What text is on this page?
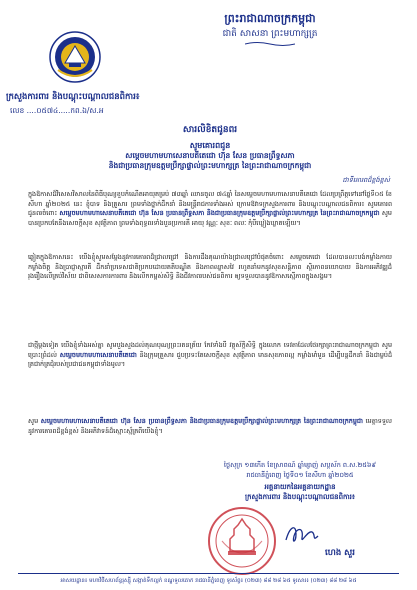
ព្រះរាជាណាចក្រកម្ពុជា
ជាតិ សាសនា ព្រះមហាក្សត្រ
ក្រសួងការពារ និងបណ្ដុះបណ្ដាលជនពិការ៖
លេខ ....០៥៧៤.....កព.ឯ/ស.អ
សារលិខិតជូនពរ
សូមគោរពជូន
សម្តេចមហាមហាសេនាបតីតេជោ ហ៊ុន សែន ប្រធានព្រឹទ្ធសភា
និងជាប្រធានក្រុមឧត្តមប្រឹក្សាផ្ទាល់ព្រះមហាក្សត្រ នៃព្រះរាជាណាចក្រកម្ពុជា
ជាទីគោរពដ៏ខ្ពង់ខ្ពស់
ក្នុងឱកាសដ៏វិសេសវិសាលនៃពិធីបុណ្យខួបកំណើតអាយុគម្រប់ ៧៣ឆ្នាំ ឈានចូល ៧៤ឆ្នាំ នៃសម្តេចមហាមហាសេនាបតីតេជោ ដែលប្រព្រឹត្តទៅនៅថ្ងៃទី០៥ ខែសីហា ឆ្នាំ២០២៥ នេះ ខ្ញុំបាទ និងគ្រួសារ ព្រមទាំងថ្នាក់ដឹកនាំ និងមន្ត្រីរាជការទាំងអស់ ក្រោមឱវាទក្រសួងការពារ និងបណ្ដុះបណ្ដាលជនពិការ៖ សូមគោរពជូនពរចំពោះ សម្តេចមហាមហាសេនាបតីតេជោ ហ៊ុន សែន ប្រធានព្រឹទ្ធសភា និងជាប្រធានក្រុមឧត្តមប្រឹក្សាផ្ទាល់ព្រះមហាក្សត្រ នៃព្រះរាជាណាចក្រកម្ពុជា សូមបានប្រកបតែនឹងសេចក្តីសុខ សុវត្ថិភាព ព្រមទាំងពុទ្ធពរទាំងបួនប្រការគឺ អាយុ វណ្ណៈ សុខៈ ពលៈ កុំបីឃ្លៀងឃ្លាតឡើយ។
ឆ្លៀតក្នុងឱកាសនេះ យើងខ្ញុំសូមសម្តែងនូវការគោរពដ៏ជ្រាលជ្រៅ និងការដឹងគុណយ៉ាងជ្រាលជ្រៅបំផុតចំពោះ សម្តេចតេជោ ដែលបានលះបង់កម្លាំងកាយ កម្លាំងចិត្ត និងប្រាជ្ញាស្មារតី ដឹកនាំប្រទេសជាតិប្រកបដោយគតិបណ្ឌិត និងភាពឈ្លាសវៃ រហូតនាំមកនូវសុខសន្តិភាព ស្ថិរភាពនយោបាយ និងការអភិវឌ្ឍដ៏រុងរឿងលើគ្រប់វិស័យ ជាពិសេសការការពារ និងលើកកម្ពស់សិទ្ធិ និងជីវភាពរបស់ជនពិការ ឲ្យទទួលបាននូវឱកាសស្មើភាពក្នុងសង្គម។
ជាថ្មីម្តងទៀត យើងខ្ញុំទាំងអស់គ្នា សូមបួងសួងដល់គុណបុណ្យព្រះរតនត្រ័យ កែវទាំងបី វត្ថុស័ក្តិសិទ្ធិ ក្នុងលោក ទេវតាដែលថែរក្សាព្រះរាជាណាចក្រកម្ពុជា សូមប្រោះព្រំដល់ សម្តេចមហាមហាសេនាបតីតេជោ និងក្រុមគ្រួសារ ជួបប្រទះតែសេចក្តីសុខ សុវត្ថិភាព មានសុខភាពល្អ កម្លាំងមាំមួន ដើម្បីបន្តដឹកនាំ និងជាម្លប់ដ៏ត្រជាក់ត្រជុំរបស់ប្រជាជនកម្ពុជាទាំងមូល។
សូម សម្តេចមហាមហាសេនាបតីតេជោ ហ៊ុន សែន ប្រធានព្រឹទ្ធសភា និងជាប្រធានក្រុមឧត្តមប្រឹក្សាផ្ទាល់ព្រះមហាក្សត្រ នៃព្រះរាជាណាចក្រកម្ពុជា មេត្តាទទួលនូវការគោរពដ៏ខ្ពង់ខ្ពស់ និងអភិវាទន៍ដ៏ស្មោះស្ម័គ្រពីយើងខ្ញុំ។
ថ្ងៃសុក្រ ១៣កើត ខែស្រាពណ៍ ឆ្នាំម្សាញ់ សប្តស័ក ព.ស.២៥៦៩
រាជធានីភ្នំពេញ ថ្ងៃទី០១ ខែសីហា ឆ្នាំ២០២៥
អគ្គនាយកនៃអគ្គនាយកដ្ឋាន
ក្រសួងការពារ និងបណ្ដុះបណ្ដាលជនពិការ៖
ហេង សួរ
អាសយដ្ឋាន៖ មហាវិថីសហព័ន្ធរុស្ស៊ី សង្កាត់ទឹកល្អក់ ខណ្ឌទួលគោក រាជធានីភ្នំពេញ ទូរស័ព្ទ៖ (០២៣) ៨៨ ២៨ ៦៥ ទូរសារ៖ (០២៣) ៨៨ ២៨ ៦៥
